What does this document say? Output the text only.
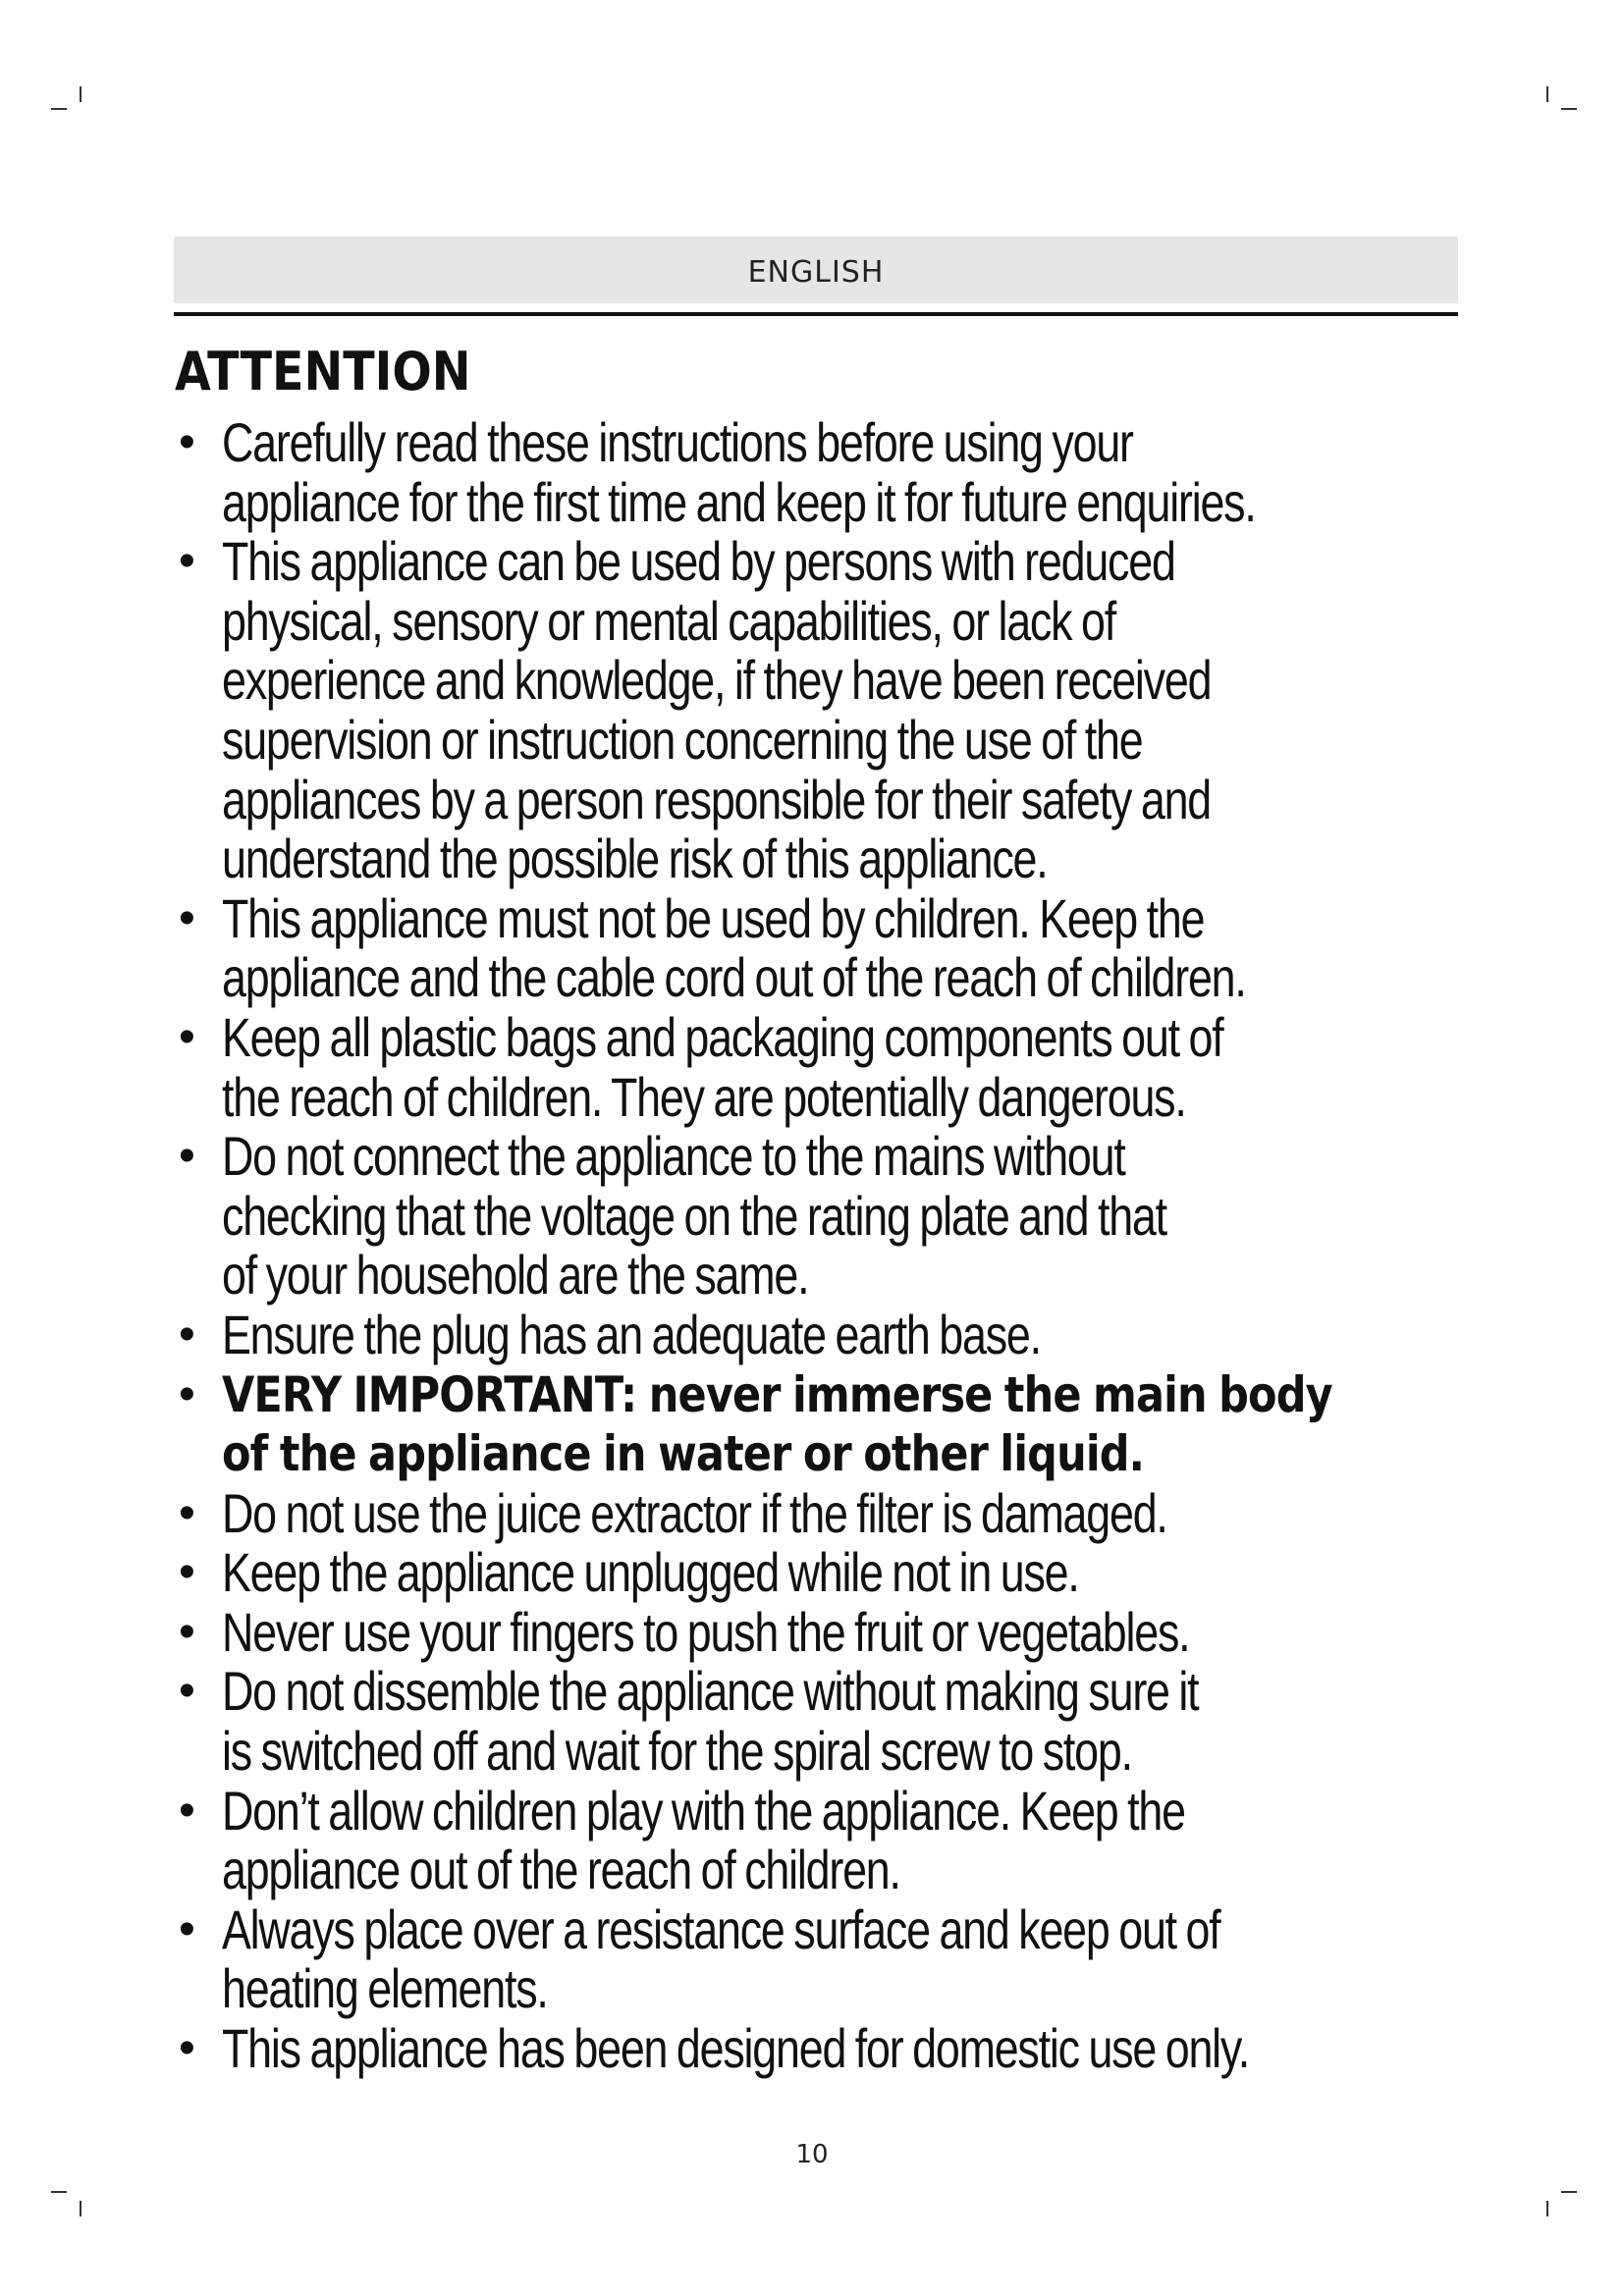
ENGLISH
ATTENTION
• Carefully read these instructions before using your
appliance for the first time and keep it for future enquiries.
• This appliance can be used by persons with reduced
physical, sensory or mental capabilities, or lack of
experience and knowledge, if they have been received
supervision or instruction concerning the use of the
appliances by a person responsible for their safety and
understand the possible risk of this appliance.
• This appliance must not be used by children. Keep the
appliance and the cable cord out of the reach of children.
• Keep all plastic bags and packaging components out of
the reach of children. They are potentially dangerous.
• Do not connect the appliance to the mains without
checking that the voltage on the rating plate and that
of your household are the same.
• Ensure the plug has an adequate earth base.
• VERY IMPORTANT: never immerse the main body
of the appliance in water or other liquid.
• Do not use the juice extractor if the filter is damaged.
• Keep the appliance unplugged while not in use.
• Never use your fingers to push the fruit or vegetables.
• Do not dissemble the appliance without making sure it
is switched off and wait for the spiral screw to stop.
• Don’t allow children play with the appliance. Keep the
appliance out of the reach of children.
• Always place over a resistance surface and keep out of
heating elements.
• This appliance has been designed for domestic use only.
10
